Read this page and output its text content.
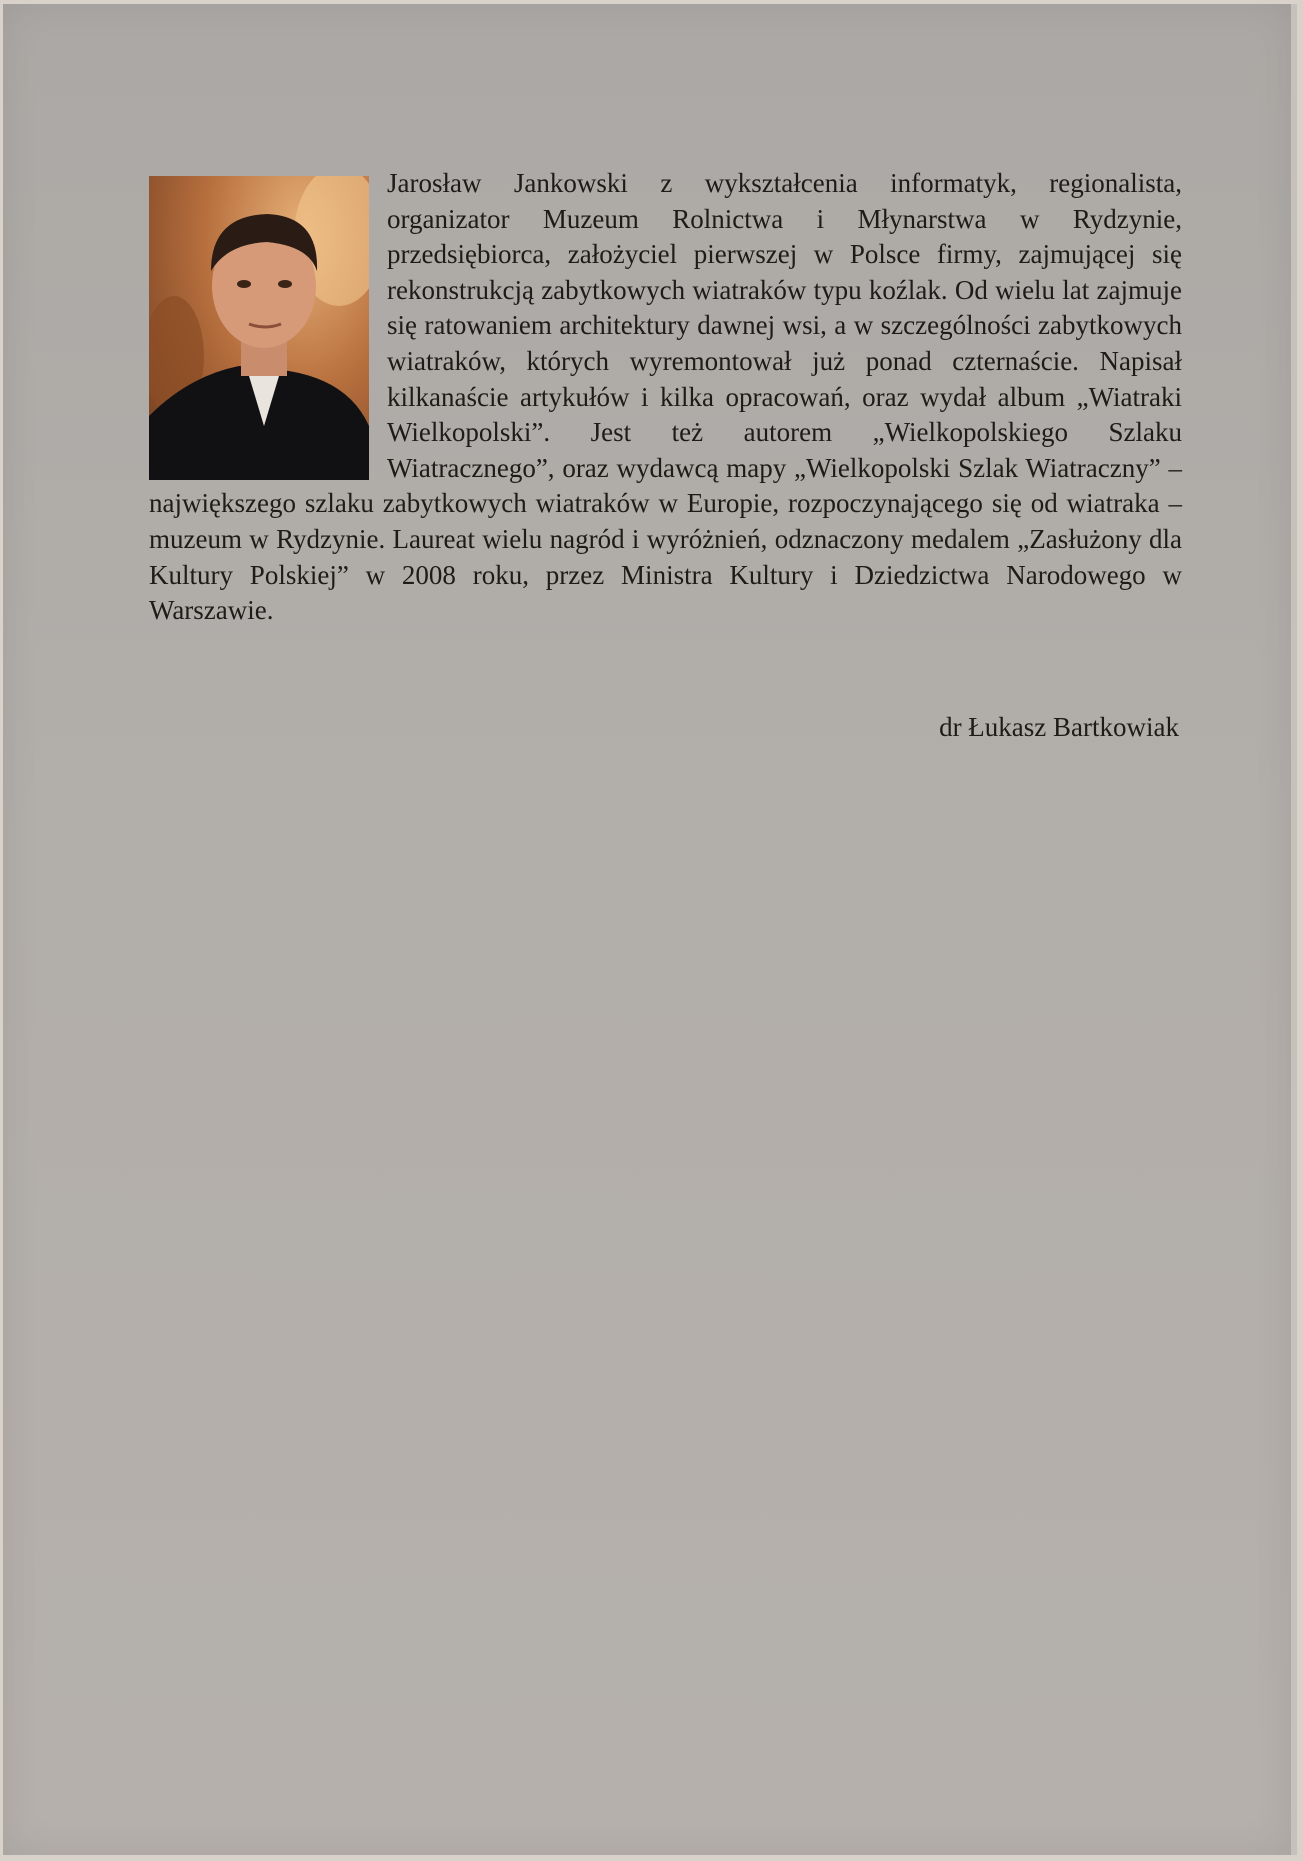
Jarosław Jankowski z wykształcenia informatyk, regionalista, organizator Muzeum Rolnictwa i Młynarstwa w Rydzynie, przedsiębiorca, założyciel pierwszej w Polsce firmy, zajmującej się rekonstrukcją zabytkowych wiatraków typu koźlak. Od wielu lat zajmuje się ratowaniem architektury dawnej wsi, a w szczególności zabytkowych wiatraków, których wyremontował już ponad czternaście. Napisał kilkanaście artykułów i kilka opracowań, oraz wydał album „Wiatraki Wielkopolski”. Jest też autorem „Wielkopolskiego Szlaku Wiatracznego”, oraz wydawcą mapy „Wielkopolski Szlak Wiatraczny” – największego szlaku zabytkowych wiatraków w Europie, rozpoczynającego się od wiatraka – muzeum w Rydzynie. Laureat wielu nagród i wyróżnień, odznaczony medalem „Zasłużony dla Kultury Polskiej” w 2008 roku, przez Ministra Kultury i Dziedzictwa Narodowego w Warszawie.
dr Łukasz Bartkowiak
